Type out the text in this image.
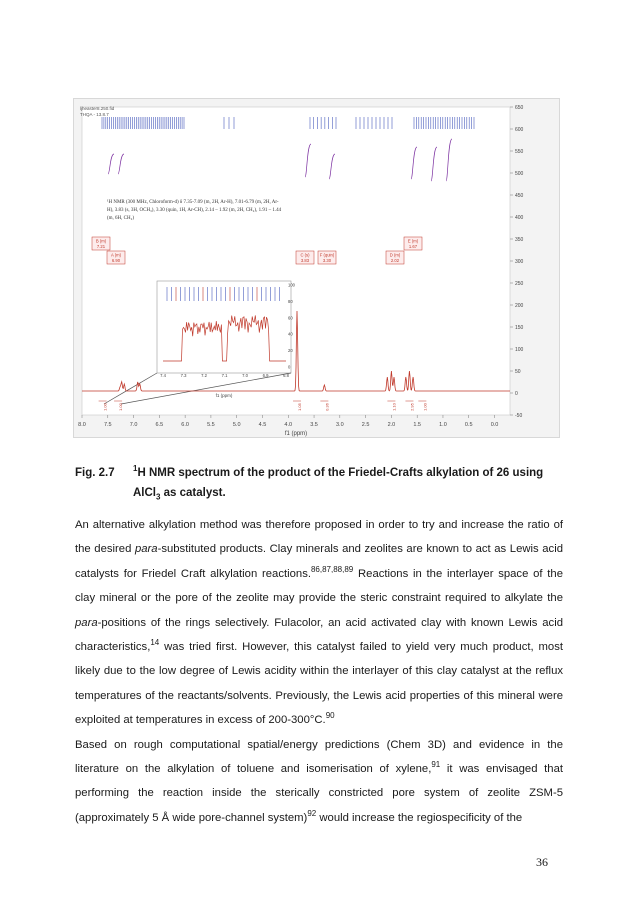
650
600
550
500
450
400
350
300
250
200
150
100
50
0
-50
8.0	7.5	7.0	6.5	6.0	5.5	5.0	4.5	4.0	3.5	3.0	2.5	2.0	1.5	1.0	0.5	0.0
f1 (ppm)
ljheaster8.250.fid
THQA - 13.8.7
¹H NMR (300 MHz, Chloroform-d) δ 7.35-7.09 (m, 2H, Ar-H), 7.01-6.79 (m, 2H, Ar-
H), 3.83 (s, 3H, OCH₃), 3.30 (quin, 1H, Ar-CH), 2.14 – 1.92 (m, 2H, CH₂), 1.91 – 1.44
(m, 6H, CH₂)
B (m)
7.21
A (m)
6.90
C (s)
3.83
F (quin)
3.30
D (m)
2.02
E (m)
1.67
100
80
60
40
20
0
7.4	7.3	7.2	7.1	7.0	6.9	6.8
f1 (ppm)
1.00	1.00	1.05	0.36	1.10	2.95 1.00
Fig. 2.7 $^1$H NMR spectrum of the product of the Friedel-Crafts alkylation of 26 using AlCl$_3$ as catalyst.

An alternative alkylation method was therefore proposed in order to try and increase the ratio of the desired para-substituted products. Clay minerals and zeolites are known to act as Lewis acid catalysts for Friedel Craft alkylation reactions.$^{86,87,88,89}$ Reactions in the interlayer space of the clay mineral or the pore of the zeolite may provide the steric constraint required to alkylate the para-positions of the rings selectively. Fulacolor, an acid activated clay with known Lewis acid characteristics,$^{14}$ was tried first. However, this catalyst failed to yield very much product, most likely due to the low degree of Lewis acidity within the interlayer of this clay catalyst at the reflux temperatures of the reactants/solvents. Previously, the Lewis acid properties of this mineral were exploited at temperatures in excess of 200-300°C.$^{90}$

Based on rough computational spatial/energy predictions (Chem 3D) and evidence in the literature on the alkylation of toluene and isomerisation of xylene,$^{91}$ it was envisaged that performing the reaction inside the sterically constricted pore system of zeolite ZSM-5 (approximately 5 Å wide pore-channel system)$^{92}$ would increase the regiospecificity of the

36
